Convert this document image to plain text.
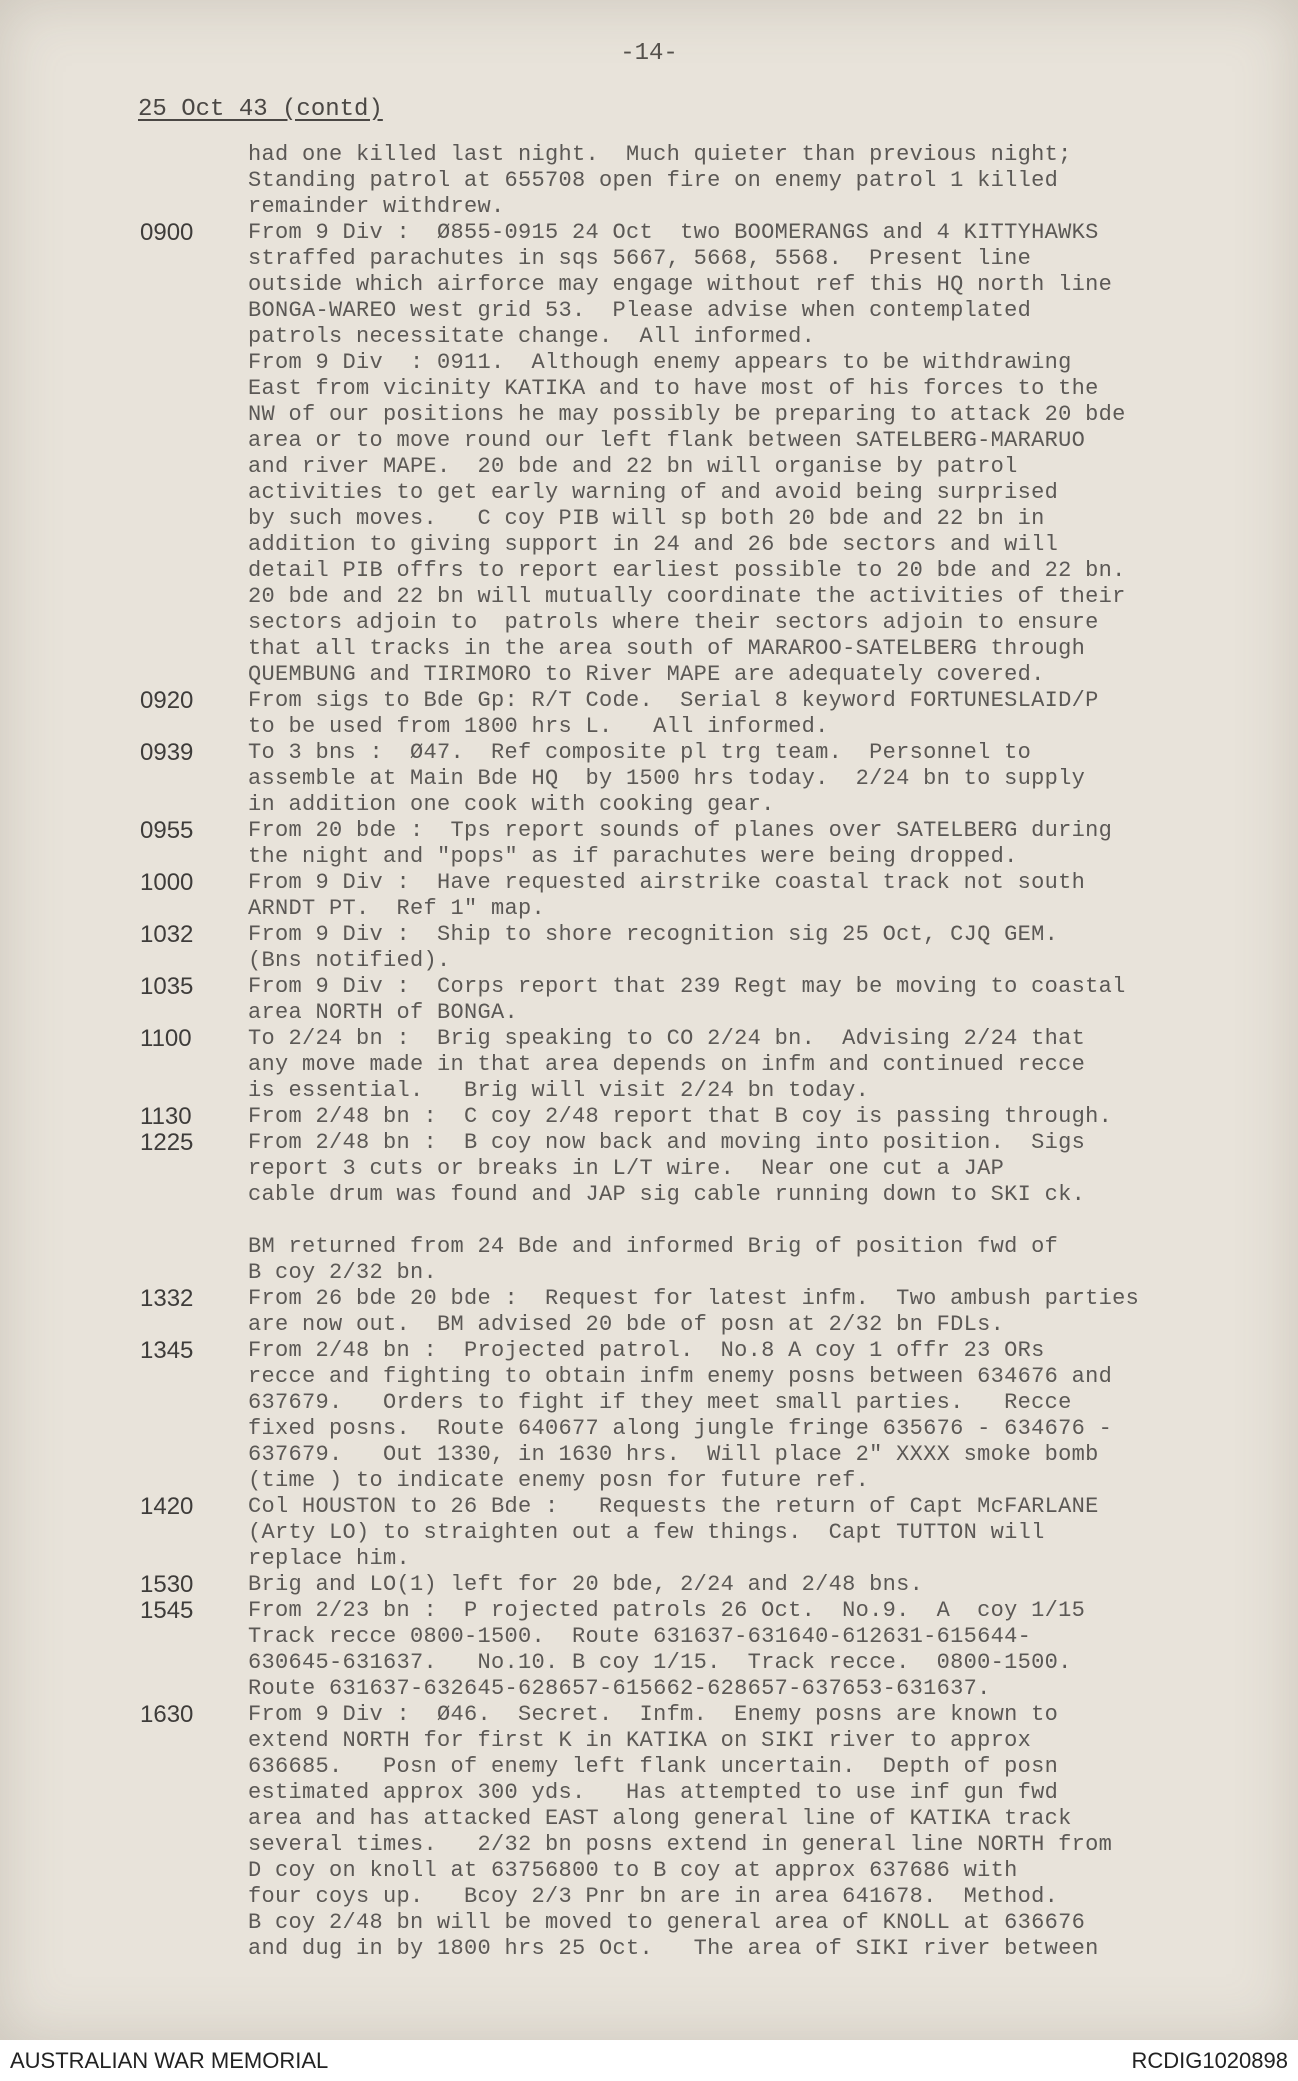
-14-
25 Oct 43 (contd)
had one killed last night.  Much quieter than previous night;
Standing patrol at 655708 open fire on enemy patrol 1 killed
remainder withdrew.
0900	From 9 Div :  Ø855-0915 24 Oct  two BOOMERANGS and 4 KITTYHAWKS
straffed parachutes in sqs 5667, 5668, 5568.  Present line
outside which airforce may engage without ref this HQ north line
BONGA-WAREO west grid 53.  Please advise when contemplated
patrols necessitate change.  All informed.
From 9 Div  : 0911.  Although enemy appears to be withdrawing
East from vicinity KATIKA and to have most of his forces to the
NW of our positions he may possibly be preparing to attack 20 bde
area or to move round our left flank between SATELBERG-MARARUO
and river MAPE.  20 bde and 22 bn will organise by patrol
activities to get early warning of and avoid being surprised
by such moves.   C coy PIB will sp both 20 bde and 22 bn in
addition to giving support in 24 and 26 bde sectors and will
detail PIB offrs to report earliest possible to 20 bde and 22 bn.
20 bde and 22 bn will mutually coordinate the activities of their
sectors adjoin to  patrols where their sectors adjoin to ensure
that all tracks in the area south of MARAROO-SATELBERG through
QUEMBUNG and TIRIMORO to River MAPE are adequately covered.
0920	From sigs to Bde Gp: R/T Code.  Serial 8 keyword FORTUNESLAID/P
to be used from 1800 hrs L.   All informed.
0939	To 3 bns :  Ø47.  Ref composite pl trg team.  Personnel to
assemble at Main Bde HQ  by 1500 hrs today.  2/24 bn to supply
in addition one cook with cooking gear.
0955	From 20 bde :  Tps report sounds of planes over SATELBERG during
the night and "pops" as if parachutes were being dropped.
1000	From 9 Div :  Have requested airstrike coastal track not south
ARNDT PT.  Ref 1" map.
1032	From 9 Div :  Ship to shore recognition sig 25 Oct, CJQ GEM.
(Bns notified).
1035	From 9 Div :  Corps report that 239 Regt may be moving to coastal
area NORTH of BONGA.
1100	To 2/24 bn :  Brig speaking to CO 2/24 bn.  Advising 2/24 that
any move made in that area depends on infm and continued recce
is essential.   Brig will visit 2/24 bn today.
1130	From 2/48 bn :  C coy 2/48 report that B coy is passing through.
1225	From 2/48 bn :  B coy now back and moving into position.  Sigs
report 3 cuts or breaks in L/T wire.  Near one cut a JAP
cable drum was found and JAP sig cable running down to SKI ck.
BM returned from 24 Bde and informed Brig of position fwd of
B coy 2/32 bn.
1332	From 26 bde 20 bde :  Request for latest infm.  Two ambush parties
are now out.  BM advised 20 bde of posn at 2/32 bn FDLs.
1345	From 2/48 bn :  Projected patrol.  No.8 A coy 1 offr 23 ORs
recce and fighting to obtain infm enemy posns between 634676 and
637679.   Orders to fight if they meet small parties.   Recce
fixed posns.  Route 640677 along jungle fringe 635676 - 634676 -
637679.   Out 1330, in 1630 hrs.  Will place 2" XXXX smoke bomb
(time ) to indicate enemy posn for future ref.
1420	Col HOUSTON to 26 Bde :   Requests the return of Capt McFARLANE
(Arty LO) to straighten out a few things.  Capt TUTTON will
replace him.
1530	Brig and LO(1) left for 20 bde, 2/24 and 2/48 bns.
1545	From 2/23 bn :  P rojected patrols 26 Oct.  No.9.  A  coy 1/15
Track recce 0800-1500.  Route 631637-631640-612631-615644-
630645-631637.   No.10. B coy 1/15.  Track recce.  0800-1500.
Route 631637-632645-628657-615662-628657-637653-631637.
1630	From 9 Div :  Ø46.  Secret.  Infm.  Enemy posns are known to
extend NORTH for first K in KATIKA on SIKI river to approx
636685.   Posn of enemy left flank uncertain.  Depth of posn
estimated approx 300 yds.   Has attempted to use inf gun fwd
area and has attacked EAST along general line of KATIKA track
several times.   2/32 bn posns extend in general line NORTH from
D coy on knoll at 63756800 to B coy at approx 637686 with
four coys up.   Bcoy 2/3 Pnr bn are in area 641678.  Method.
B coy 2/48 bn will be moved to general area of KNOLL at 636676
and dug in by 1800 hrs 25 Oct.   The area of SIKI river between
AUSTRALIAN WAR MEMORIAL	RCDIG1020898
